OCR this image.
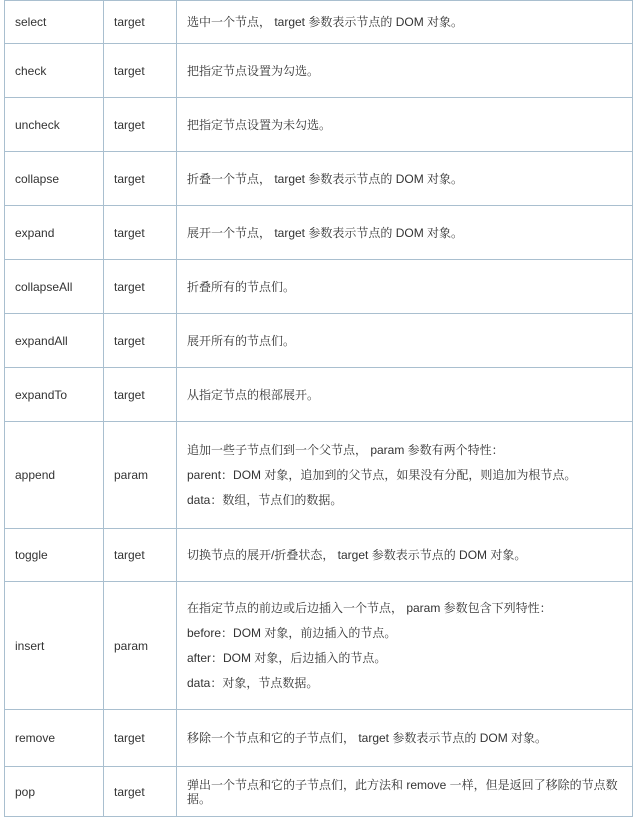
select	target	选中一个节点， target 参数表示节点的 DOM 对象。

check	target	把指定节点设置为勾选。

uncheck	target	把指定节点设置为未勾选。

collapse	target	折叠一个节点， target 参数表示节点的 DOM 对象。

expand	target	展开一个节点， target 参数表示节点的 DOM 对象。

collapseAll	target	折叠所有的节点们。

expandAll	target	展开所有的节点们。

expandTo	target	从指定节点的根部展开。

append	param	追加一些子节点们到一个父节点， param 参数有两个特性：
parent：DOM 对象，追加到的父节点，如果没有分配，则追加为根节点。
data：数组，节点们的数据。

toggle	target	切换节点的展开/折叠状态， target 参数表示节点的 DOM 对象。

insert	param	在指定节点的前边或后边插入一个节点， param 参数包含下列特性：
before：DOM 对象，前边插入的节点。
after：DOM 对象，后边插入的节点。
data：对象，节点数据。

remove	target	移除一个节点和它的子节点们， target 参数表示节点的 DOM 对象。

pop	target	弹出一个节点和它的子节点们，此方法和 remove 一样，但是返回了移除的节点数据。
